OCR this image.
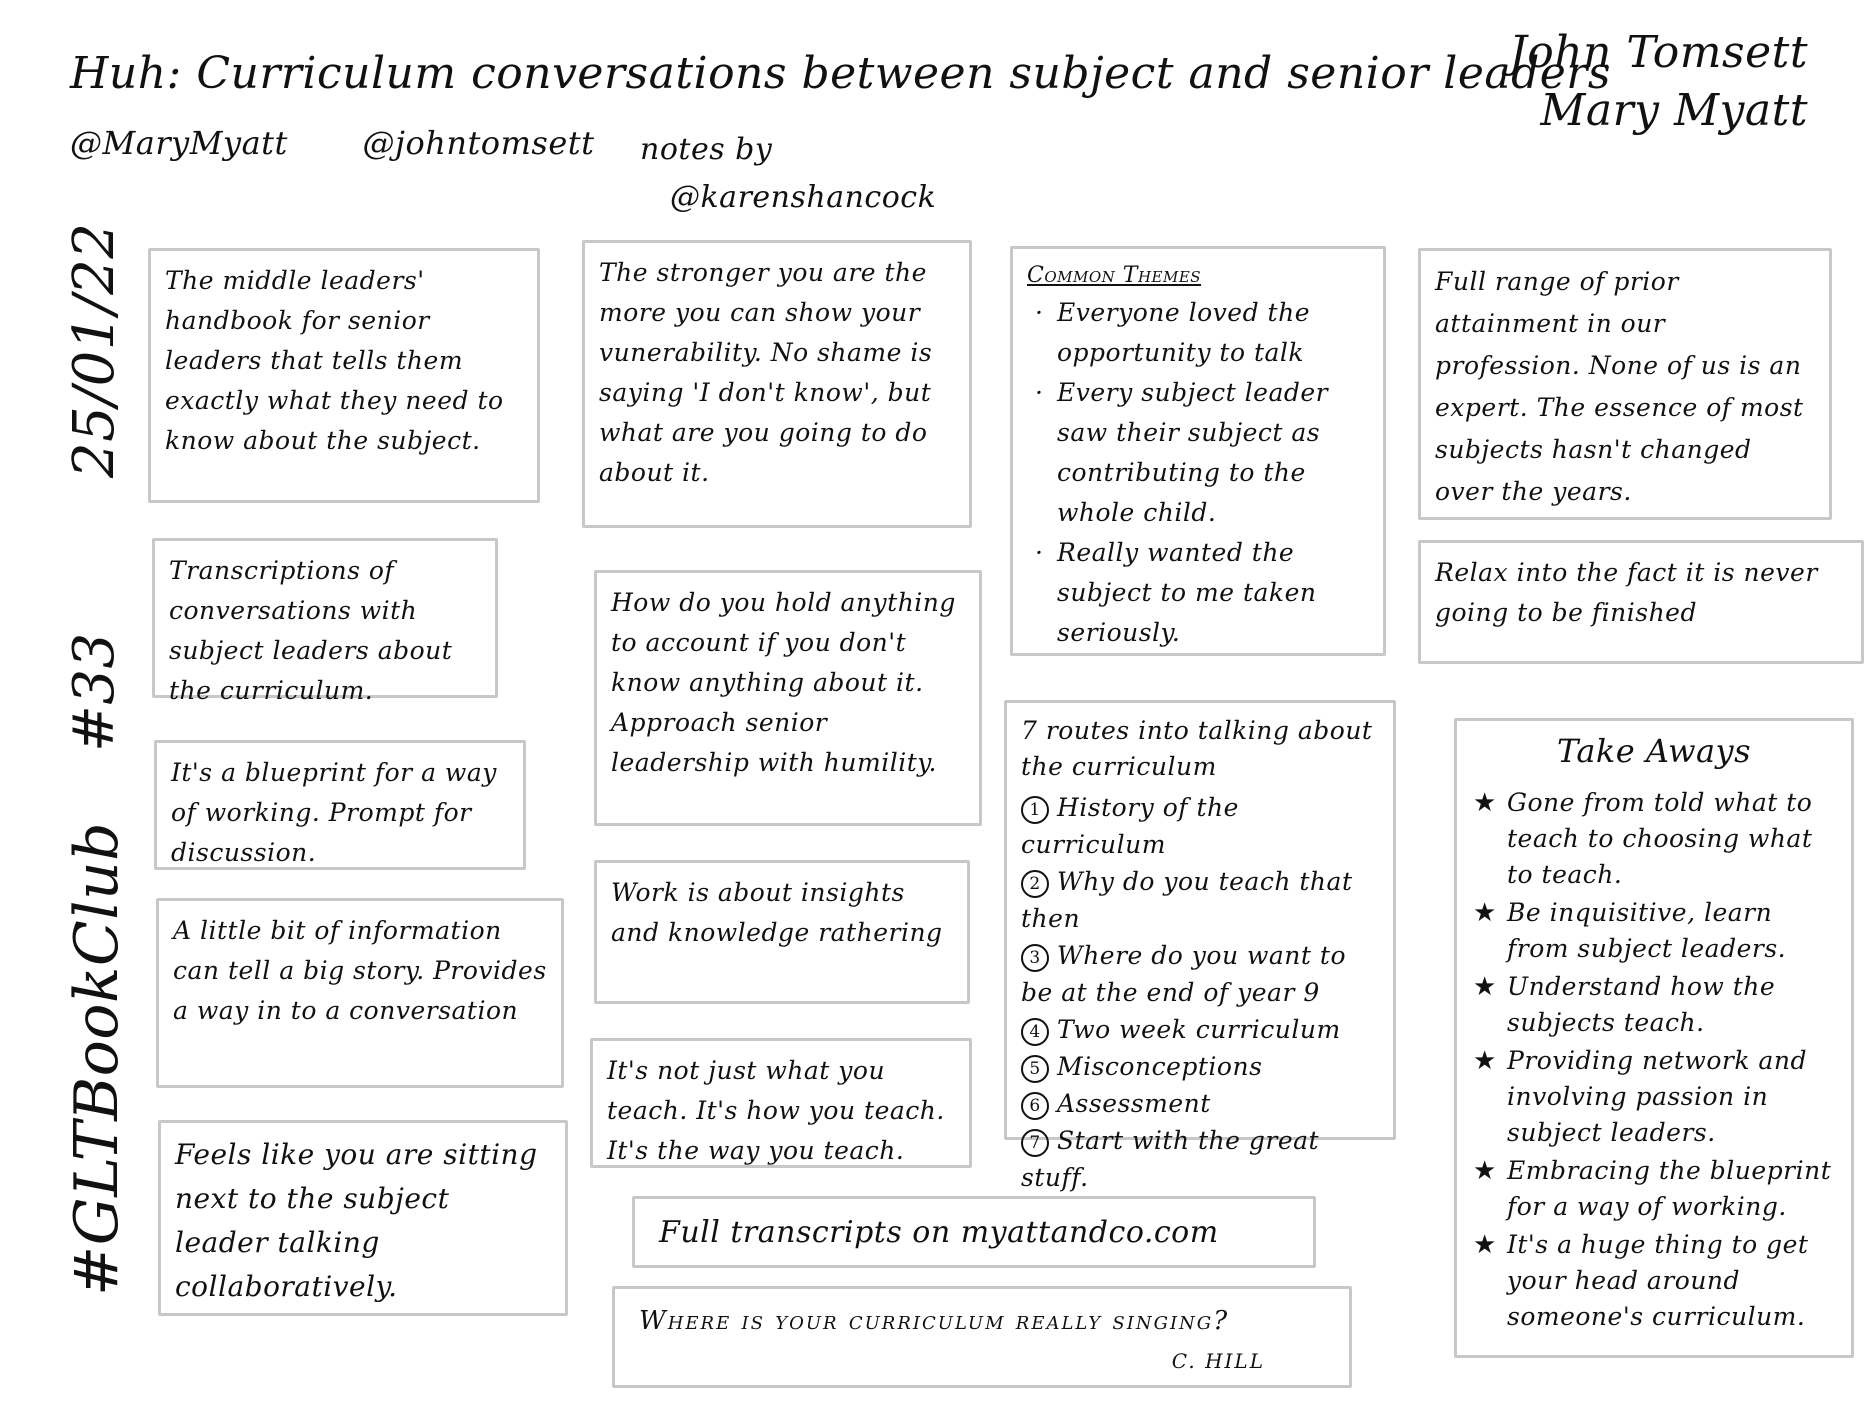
Huh: Curriculum conversations between subject and senior leaders
John Tomsett
Mary Myatt
@MaryMyatt @johntomsett	notes by
@karenshancock
25/01/22
#33
#GLTBookClub

The middle leaders' handbook for senior leaders that tells them exactly what they need to know about the subject.

Transcriptions of conversations with subject leaders about the curriculum.

It's a blueprint for a way of working. Prompt for discussion.

A little bit of information can tell a big story. Provides a way in to a conversation

Feels like you are sitting next to the subject leader talking collaboratively.

The stronger you are the more you can show your vunerability. No shame is saying 'I don't know', but what are you going to do about it.

How do you hold anything to account if you don't know anything about it. Approach senior leadership with humility.

Work is about insights and knowledge rathering

It's not just what you teach. It's how you teach. It's the way you teach.

Common Themes
· Everyone loved the opportunity to talk
· Every subject leader saw their subject as contributing to the whole child.
· Really wanted the subject to me taken seriously.

7 routes into talking about the curriculum

1 History of the curriculum
2 Why do you teach that then
3 Where do you want to be at the end of year 9
4 Two week curriculum
5 Misconceptions
6 Assessment
7 Start with the great stuff.

Full range of prior attainment in our profession. None of us is an expert. The essence of most subjects hasn't changed over the years.

Relax into the fact it is never going to be finished

Take Aways
· ★ Gone from told what to teach to choosing what to teach.
· ★ Be inquisitive, learn from subject leaders.
· ★ Understand how the subjects teach.
· ★ Providing network and involving passion in subject leaders.
· ★ Embracing the blueprint for a way of working.
· ★ It's a huge thing to get your head around someone's curriculum.
Full transcripts on myattandco.com
Where is your curriculum really singing?
C. HILL
